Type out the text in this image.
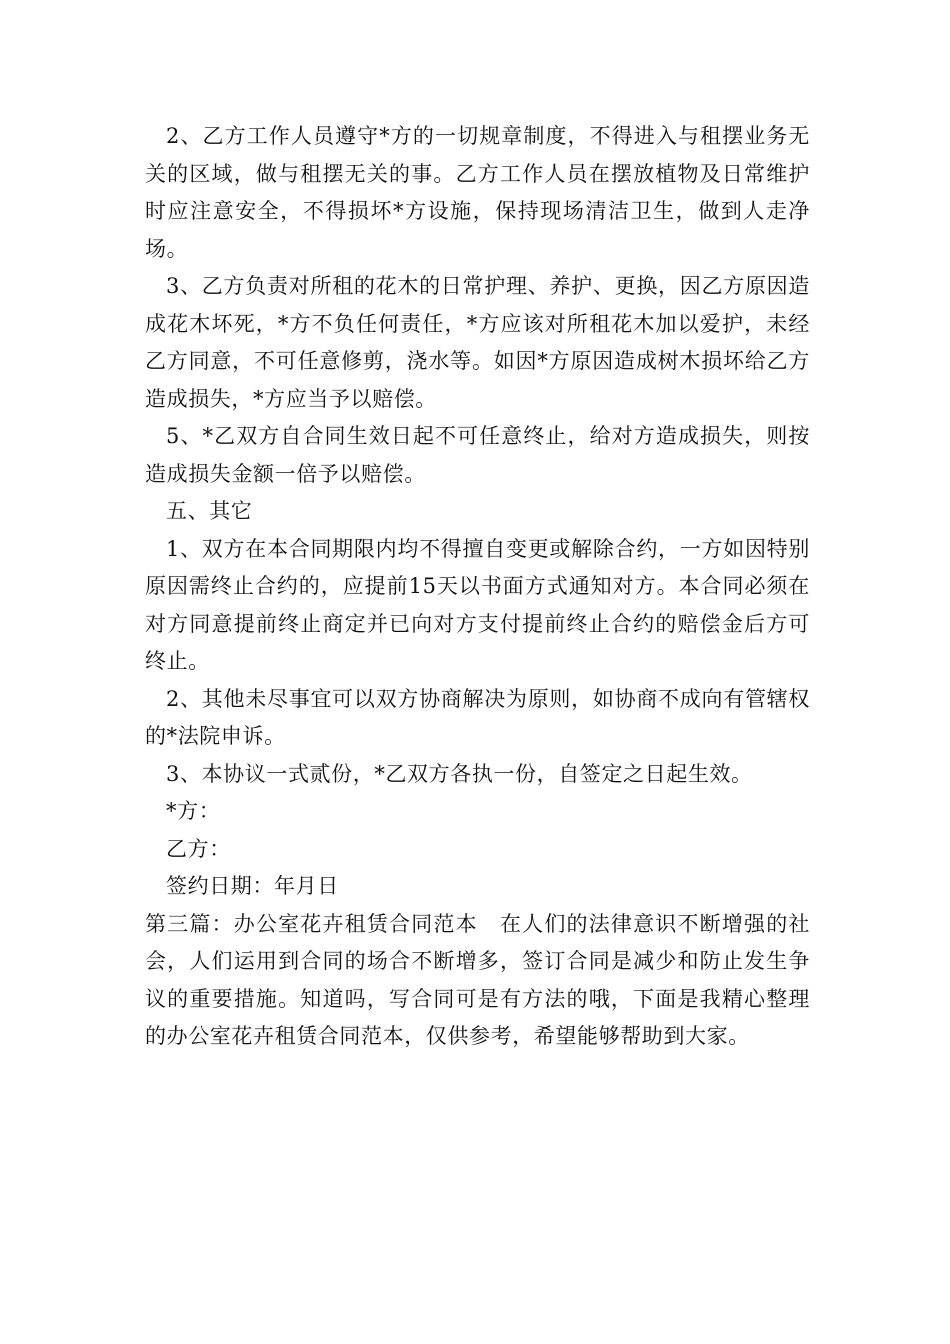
2、乙方工作人员遵守*方的一切规章制度，不得进入与租摆业务无关的区域，做与租摆无关的事。乙方工作人员在摆放植物及日常维护时应注意安全，不得损坏*方设施，保持现场清洁卫生，做到人走净场。

3、乙方负责对所租的花木的日常护理、养护、更换，因乙方原因造成花木坏死，*方不负任何责任，*方应该对所租花木加以爱护，未经乙方同意，不可任意修剪，浇水等。如因*方原因造成树木损坏给乙方造成损失，*方应当予以赔偿。

5、*乙双方自合同生效日起不可任意终止，给对方造成损失，则按造成损失金额一倍予以赔偿。

五、其它

1、双方在本合同期限内均不得擅自变更或解除合约，一方如因特别原因需终止合约的，应提前15天以书面方式通知对方。本合同必须在对方同意提前终止商定并已向对方支付提前终止合约的赔偿金后方可终止。

2、其他未尽事宜可以双方协商解决为原则，如协商不成向有管辖权的*法院申诉。

3、本协议一式贰份，*乙双方各执一份，自签定之日起生效。

*方：

乙方：

签约日期：年月日

第三篇：办公室花卉租赁合同范本　在人们的法律意识不断增强的社会，人们运用到合同的场合不断增多，签订合同是减少和防止发生争议的重要措施。知道吗，写合同可是有方法的哦，下面是我精心整理的办公室花卉租赁合同范本，仅供参考，希望能够帮助到大家。
